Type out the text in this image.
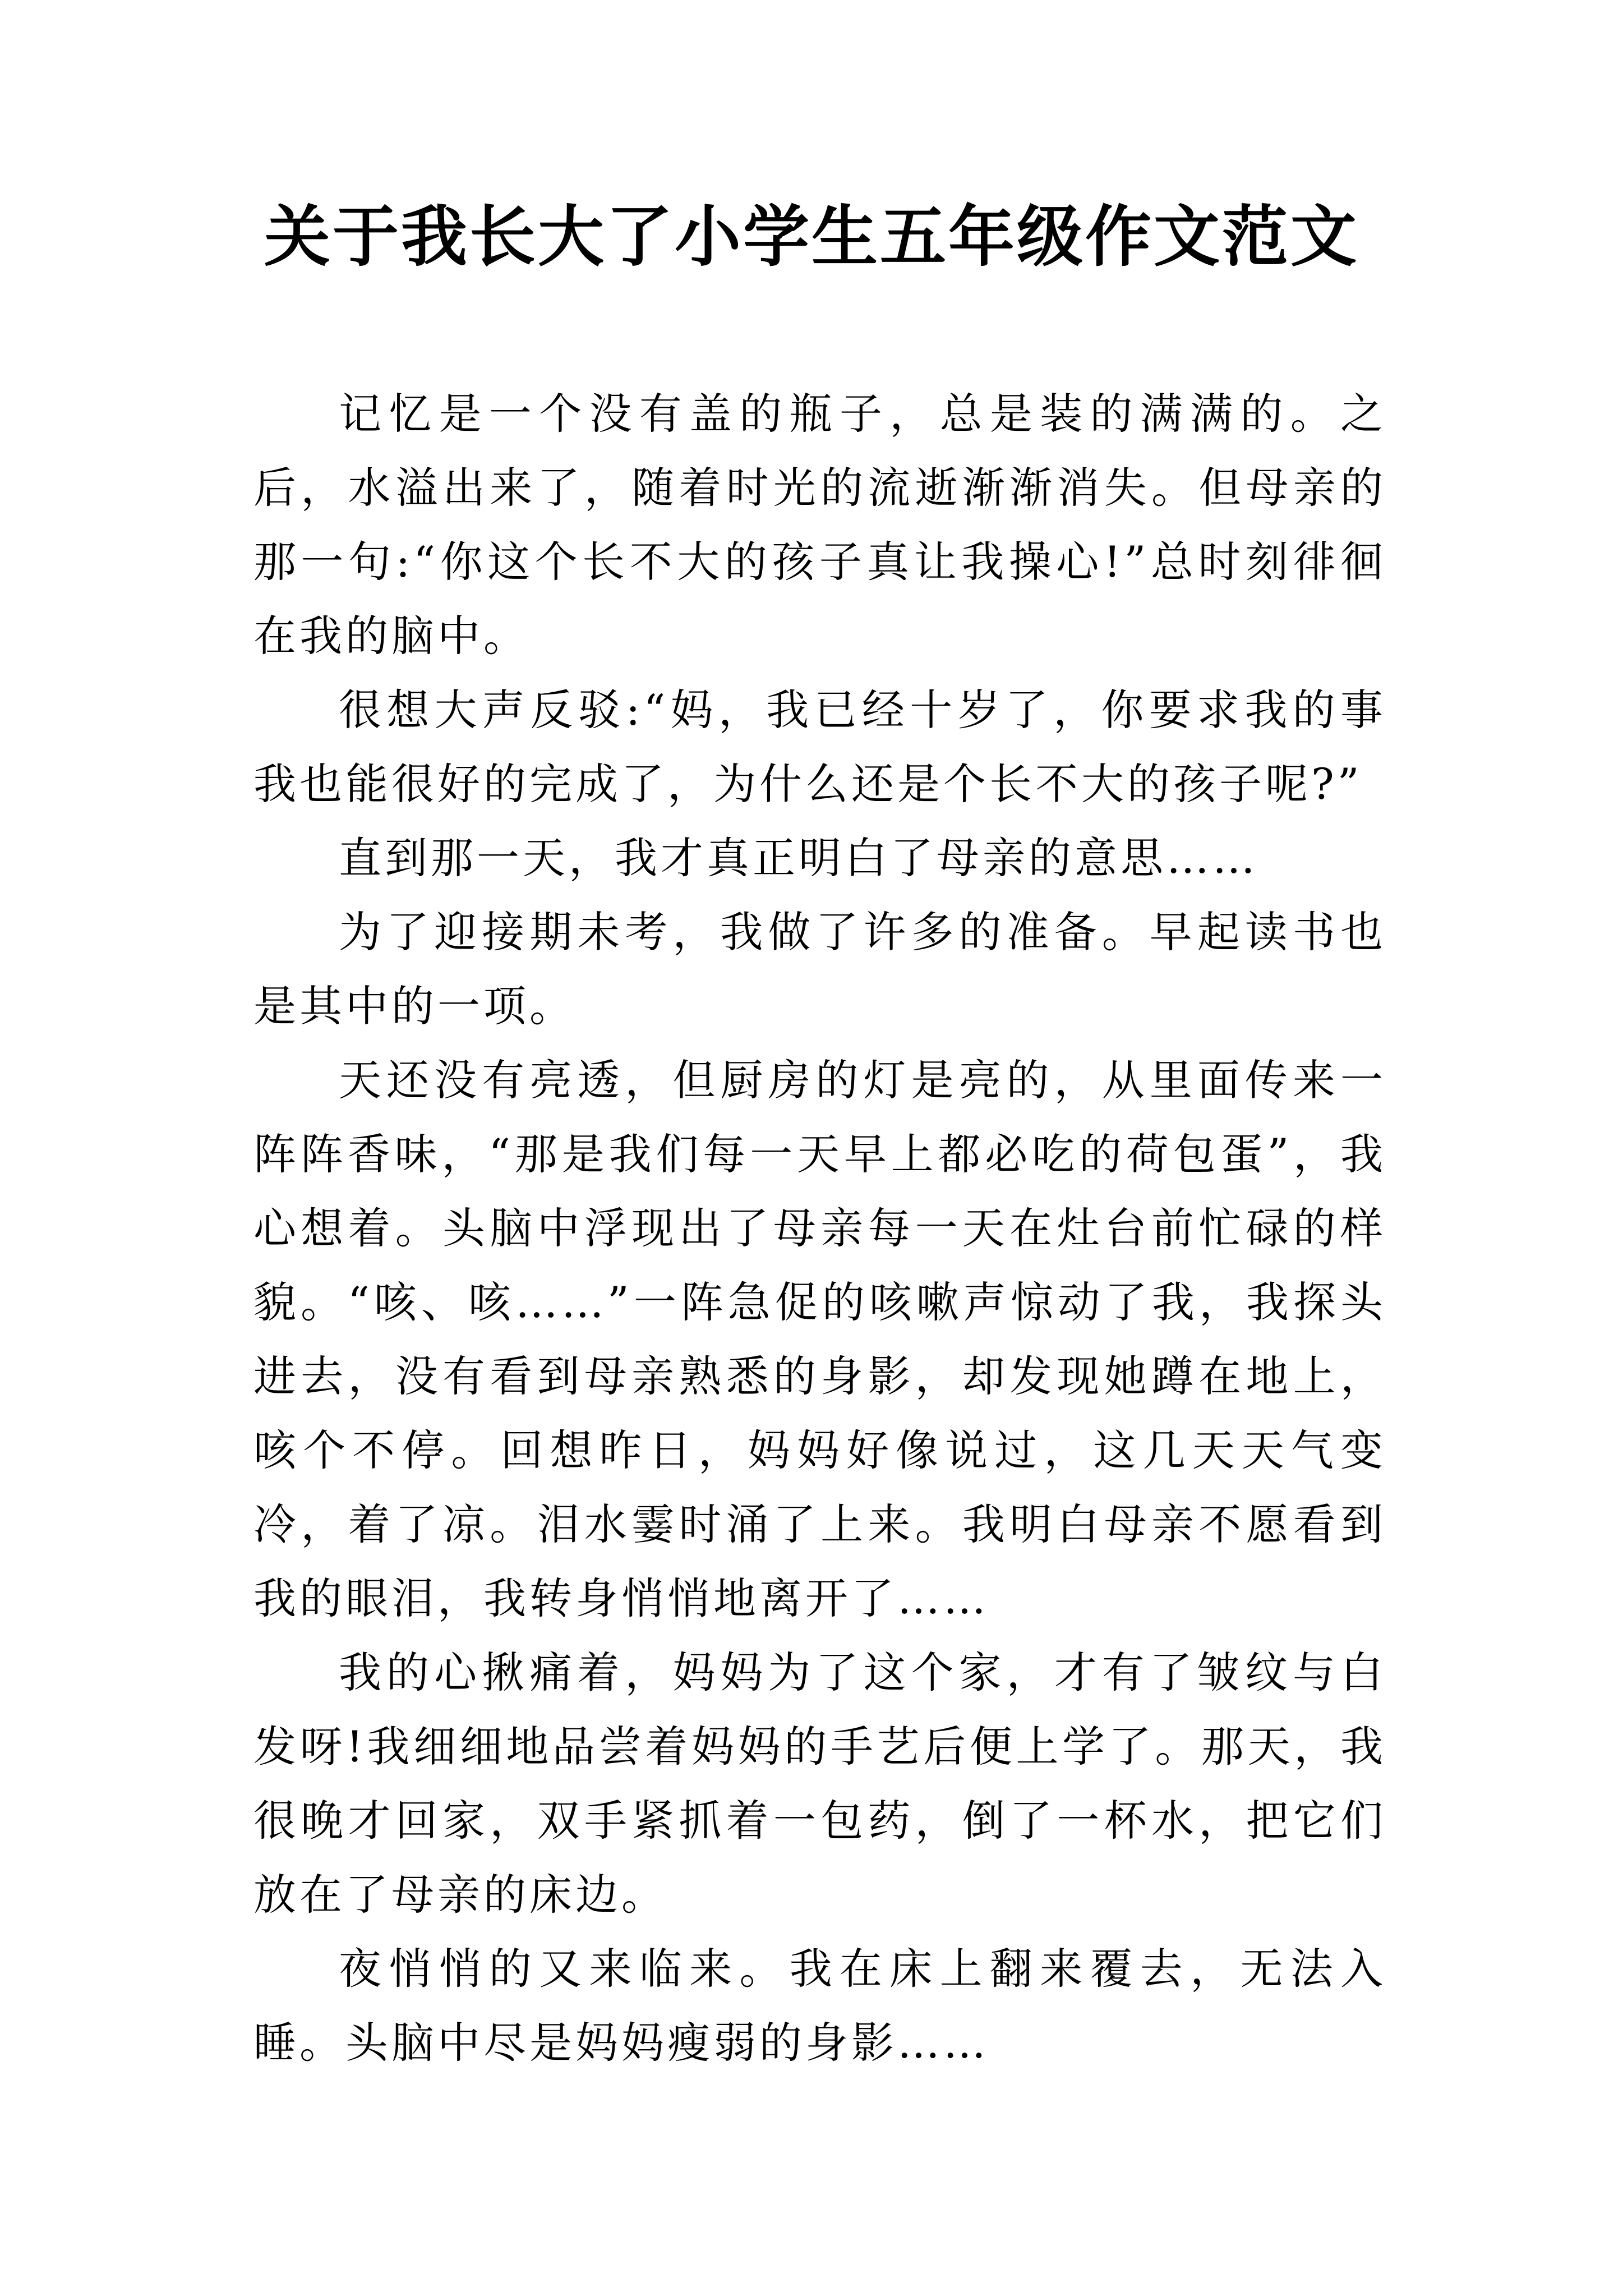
关于我长大了小学生五年级作文范文

记忆是一个没有盖的瓶子，总是装的满满的。之后，水溢出来了，随着时光的流逝渐渐消失。但母亲的那一句:“你这个长不大的孩子真让我操心!”总时刻徘徊在我的脑中。

很想大声反驳:“妈，我已经十岁了，你要求我的事我也能很好的完成了，为什么还是个长不大的孩子呢?”

直到那一天，我才真正明白了母亲的意思……

为了迎接期未考，我做了许多的准备。早起读书也是其中的一项。

天还没有亮透，但厨房的灯是亮的，从里面传来一阵阵香味，“那是我们每一天早上都必吃的荷包蛋”，我心想着。头脑中浮现出了母亲每一天在灶台前忙碌的样貌。“咳、咳……”一阵急促的咳嗽声惊动了我，我探头进去，没有看到母亲熟悉的身影，却发现她蹲在地上，咳个不停。回想昨日，妈妈好像说过，这几天天气变冷，着了凉。泪水霎时涌了上来。我明白母亲不愿看到我的眼泪，我转身悄悄地离开了……

我的心揪痛着，妈妈为了这个家，才有了皱纹与白发呀!我细细地品尝着妈妈的手艺后便上学了。那天，我很晚才回家，双手紧抓着一包药，倒了一杯水，把它们放在了母亲的床边。

夜悄悄的又来临来。我在床上翻来覆去，无法入睡。头脑中尽是妈妈瘦弱的身影……
